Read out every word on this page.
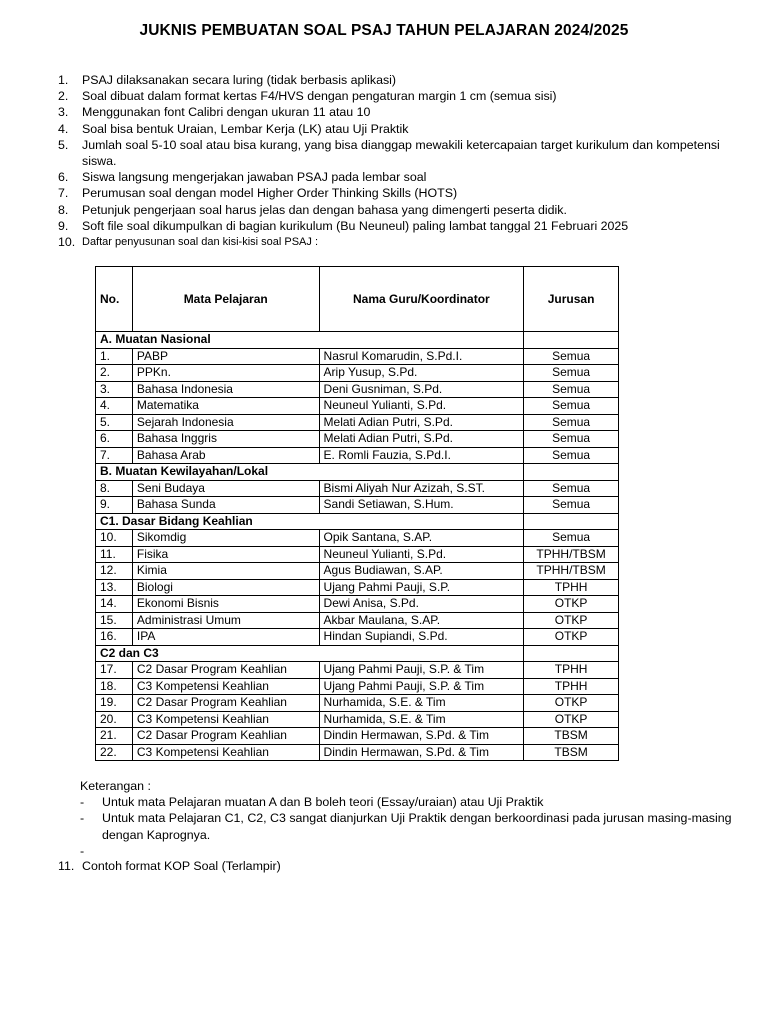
JUKNIS PEMBUATAN SOAL PSAJ TAHUN PELAJARAN 2024/2025
1. PSAJ dilaksanakan secara luring (tidak berbasis aplikasi)
2. Soal dibuat dalam format kertas F4/HVS dengan pengaturan margin 1 cm (semua sisi)
3. Menggunakan font Calibri dengan ukuran 11 atau 10
4. Soal bisa bentuk Uraian, Lembar Kerja (LK) atau Uji Praktik
5. Jumlah soal 5-10 soal atau bisa kurang, yang bisa dianggap mewakili ketercapaian target kurikulum dan kompetensi siswa.
6. Siswa langsung mengerjakan jawaban PSAJ pada lembar soal
7. Perumusan soal dengan model Higher Order Thinking Skills (HOTS)
8. Petunjuk pengerjaan soal harus jelas dan dengan bahasa yang dimengerti peserta didik.
9. Soft file soal dikumpulkan di bagian kurikulum (Bu Neuneul) paling lambat tanggal 21 Februari 2025
10. Daftar penyusunan soal dan kisi-kisi soal PSAJ :
No.	Mata Pelajaran	Nama Guru/Koordinator	Jurusan
A. Muatan Nasional			
1.	PABP	Nasrul Komarudin, S.Pd.I.	Semua
2.	PPKn.	Arip Yusup, S.Pd.	Semua
3.	Bahasa Indonesia	Deni Gusniman, S.Pd.	Semua
4.	Matematika	Neuneul Yulianti, S.Pd.	Semua
5.	Sejarah Indonesia	Melati Adian Putri, S.Pd.	Semua
6.	Bahasa Inggris	Melati Adian Putri, S.Pd.	Semua
7.	Bahasa Arab	E. Romli Fauzia, S.Pd.I.	Semua
B. Muatan Kewilayahan/Lokal			
8.	Seni Budaya	Bismi Aliyah Nur Azizah, S.ST.	Semua
9.	Bahasa Sunda	Sandi Setiawan, S.Hum.	Semua
C1. Dasar Bidang Keahlian			
10.	Sikomdig	Opik Santana, S.AP.	Semua
11.	Fisika	Neuneul Yulianti, S.Pd.	TPHH/TBSM
12.	Kimia	Agus Budiawan, S.AP.	TPHH/TBSM
13.	Biologi	Ujang Pahmi Pauji, S.P.	TPHH
14.	Ekonomi Bisnis	Dewi Anisa, S.Pd.	OTKP
15.	Administrasi Umum	Akbar Maulana, S.AP.	OTKP
16.	IPA	Hindan Supiandi, S.Pd.	OTKP
C2 dan C3			
17.	C2 Dasar Program Keahlian	Ujang Pahmi Pauji, S.P. & Tim	TPHH
18.	C3 Kompetensi Keahlian	Ujang Pahmi Pauji, S.P. & Tim	TPHH
19.	C2 Dasar Program Keahlian	Nurhamida, S.E. & Tim	OTKP
20.	C3 Kompetensi Keahlian	Nurhamida, S.E. & Tim	OTKP
21.	C2 Dasar Program Keahlian	Dindin Hermawan, S.Pd. & Tim	TBSM
22.	C3 Kompetensi Keahlian	Dindin Hermawan, S.Pd. & Tim	TBSM
Keterangan :
- Untuk mata Pelajaran muatan A dan B boleh teori (Essay/uraian) atau Uji Praktik
- Untuk mata Pelajaran C1, C2, C3 sangat dianjurkan Uji Praktik dengan berkoordinasi pada jurusan masing-masing dengan Kaprognya.
-
11. Contoh format KOP Soal (Terlampir)
